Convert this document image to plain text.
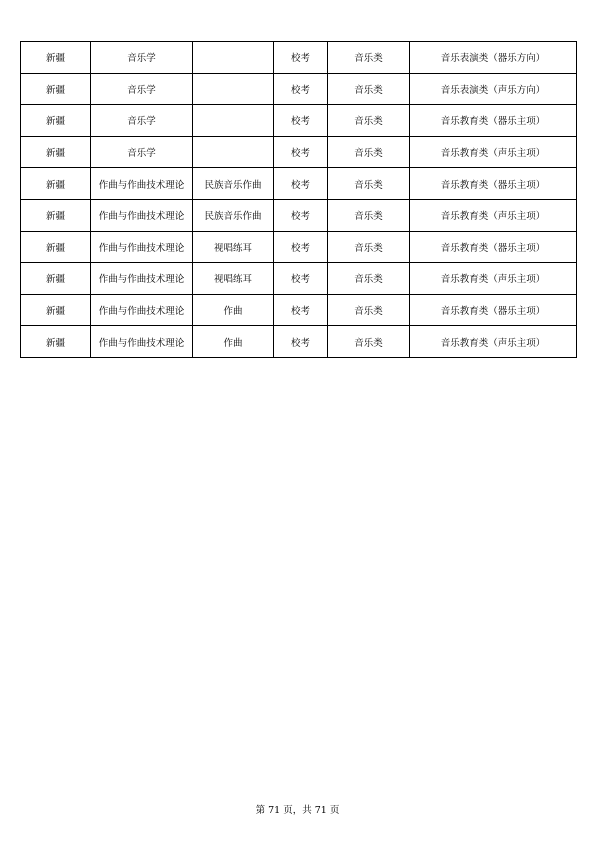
新疆	音乐学		校考	音乐类	音乐表演类（器乐方向）
新疆	音乐学		校考	音乐类	音乐表演类（声乐方向）
新疆	音乐学		校考	音乐类	音乐教育类（器乐主项）
新疆	音乐学		校考	音乐类	音乐教育类（声乐主项）
新疆	作曲与作曲技术理论	民族音乐作曲	校考	音乐类	音乐教育类（器乐主项）
新疆	作曲与作曲技术理论	民族音乐作曲	校考	音乐类	音乐教育类（声乐主项）
新疆	作曲与作曲技术理论	视唱练耳	校考	音乐类	音乐教育类（器乐主项）
新疆	作曲与作曲技术理论	视唱练耳	校考	音乐类	音乐教育类（声乐主项）
新疆	作曲与作曲技术理论	作曲	校考	音乐类	音乐教育类（器乐主项）
新疆	作曲与作曲技术理论	作曲	校考	音乐类	音乐教育类（声乐主项）
第 71 页，共 71 页
